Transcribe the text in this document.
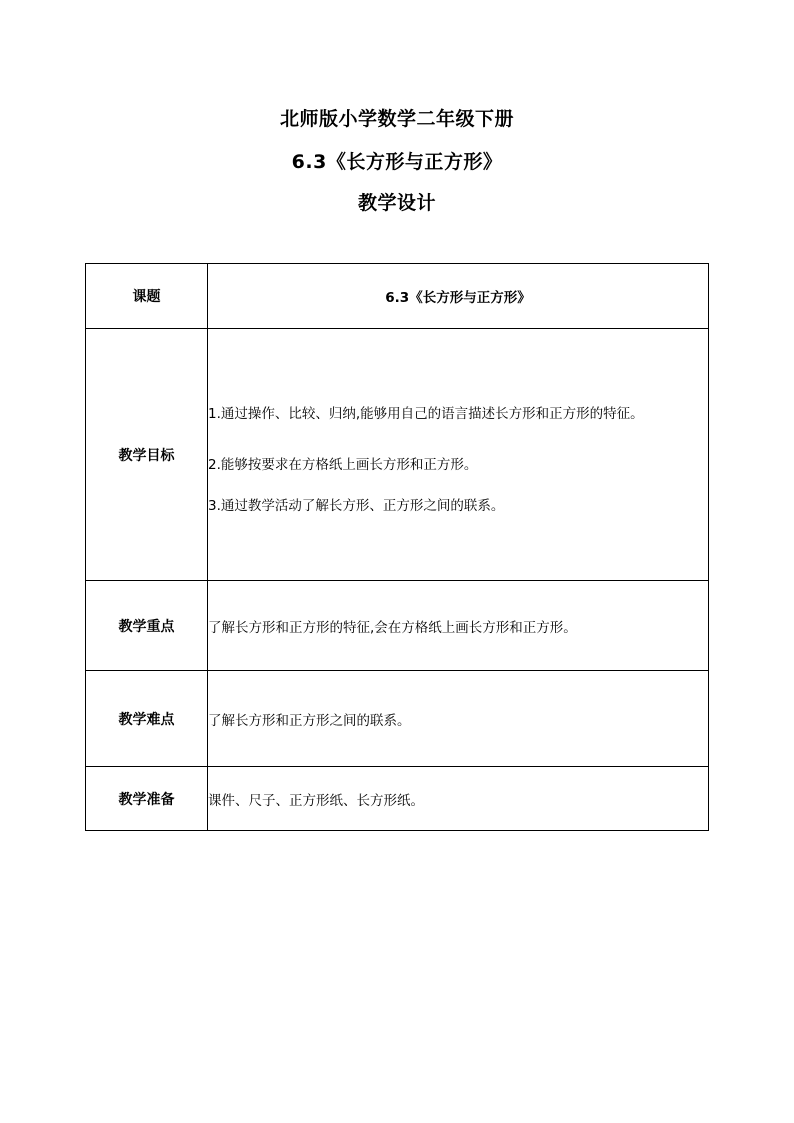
北师版小学数学二年级下册
6.3《长方形与正方形》
教学设计
课题	6.3《长方形与正方形》
教学目标	1.通过操作、比较、归纳,能够用自己的语言描述长方形和正方形的特征。
2.能够按要求在方格纸上画长方形和正方形。
3.通过教学活动了解长方形、正方形之间的联系。

教学重点	了解长方形和正方形的特征,会在方格纸上画长方形和正方形。
教学难点	了解长方形和正方形之间的联系。
教学准备	课件、尺子、正方形纸、长方形纸。
